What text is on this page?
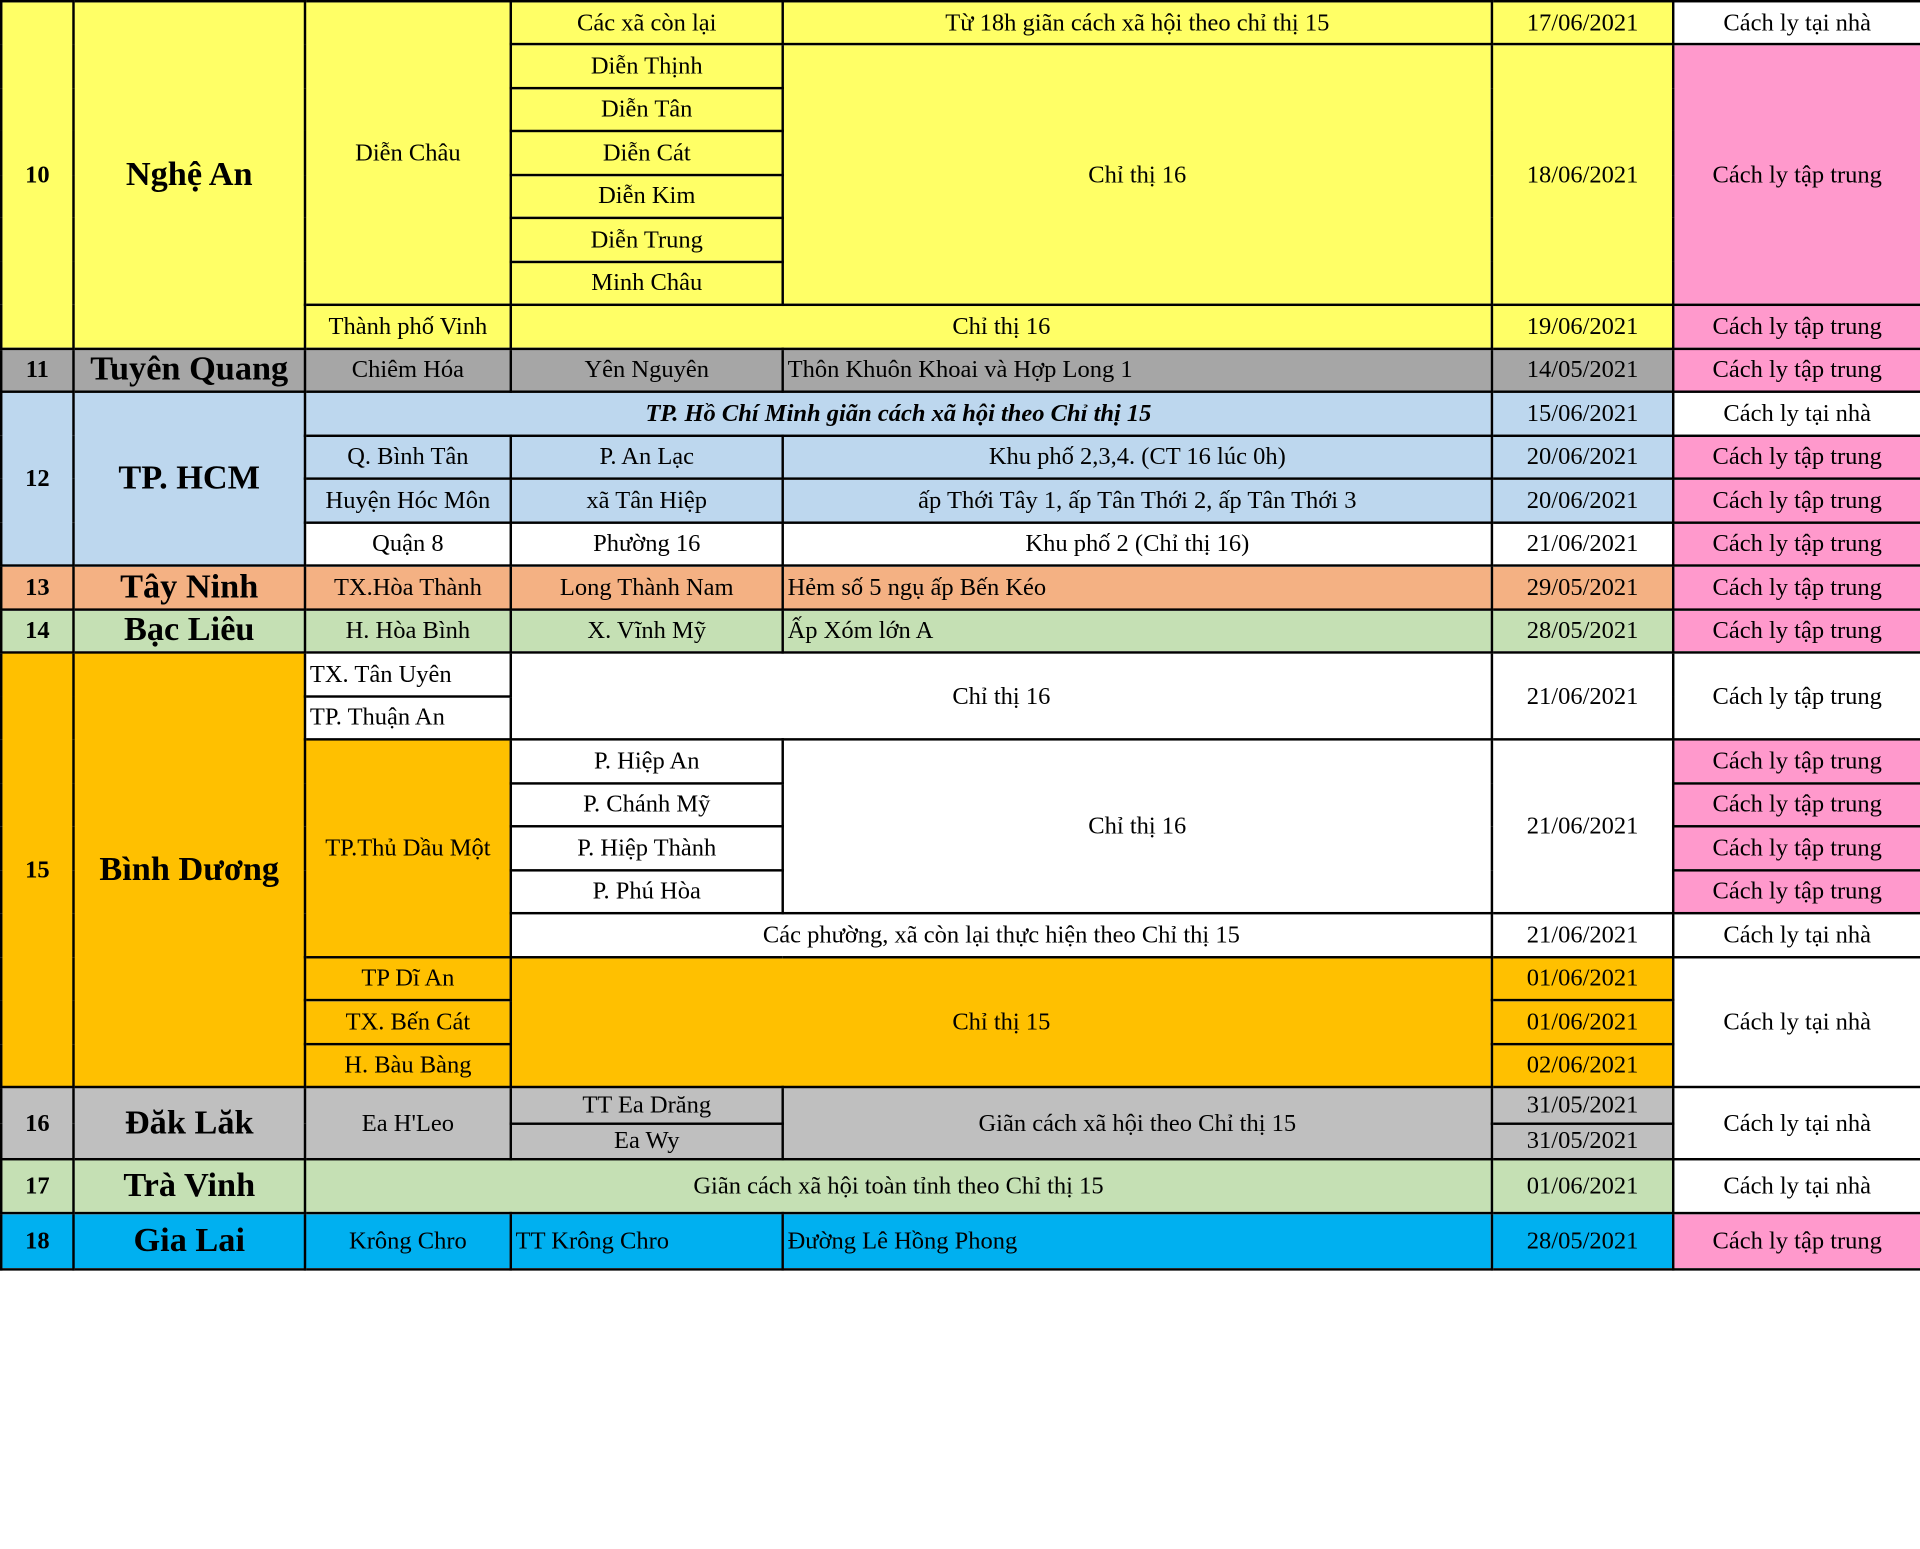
10	Nghệ An	Diễn Châu	Các xã còn lại	Từ 18h giãn cách xã hội theo chỉ thị 15	17/06/2021	Cách ly tại nhà
			Diễn Thịnh	Chỉ thị 16	18/06/2021	Cách ly tập trung
			Diễn Tân			
			Diễn Cát			
			Diễn Kim			
			Diễn Trung			
			Minh Châu			
		Thành phố Vinh	Chỉ thị 16		19/06/2021	Cách ly tập trung
11	Tuyên Quang	Chiêm Hóa	Yên Nguyên	Thôn Khuôn Khoai và Hợp Long 1	14/05/2021	Cách ly tập trung
12	TP. HCM	TP. Hồ Chí Minh giãn cách xã hội theo Chỉ thị 15			15/06/2021	Cách ly tại nhà
		Q. Bình Tân	P. An Lạc	Khu phố 2,3,4. (CT 16 lúc 0h)	20/06/2021	Cách ly tập trung
		Huyện Hóc Môn	xã Tân Hiệp	ấp Thới Tây 1, ấp Tân Thới 2, ấp Tân Thới 3	20/06/2021	Cách ly tập trung
		Quận 8	Phường 16	Khu phố 2 (Chỉ thị 16)	21/06/2021	Cách ly tập trung
13	Tây Ninh	TX.Hòa Thành	Long Thành Nam	Hẻm số 5 ngụ ấp Bến Kéo	29/05/2021	Cách ly tập trung
14	Bạc Liêu	H. Hòa Bình	X. Vĩnh Mỹ	Ấp Xóm lớn A	28/05/2021	Cách ly tập trung
15	Bình Dương	TX. Tân Uyên	Chỉ thị 16		21/06/2021	Cách ly tập trung
		TP. Thuận An				
		TP.Thủ Dầu Một	P. Hiệp An	Chỉ thị 16	21/06/2021	Cách ly tập trung
			P. Chánh Mỹ			Cách ly tập trung
			P. Hiệp Thành			Cách ly tập trung
			P. Phú Hòa			Cách ly tập trung
			Các phường, xã còn lại thực hiện theo Chỉ thị 15		21/06/2021	Cách ly tại nhà
		TP Dĩ An	Chỉ thị 15		01/06/2021	Cách ly tại nhà
		TX. Bến Cát			01/06/2021	
		H. Bàu Bàng			02/06/2021	
16	Đăk Lăk	Ea H'Leo	TT Ea Drăng	Giãn cách xã hội theo Chỉ thị 15	31/05/2021	Cách ly tại nhà
			Ea Wy		31/05/2021	
17	Trà Vinh	Giãn cách xã hội toàn tỉnh theo Chỉ thị 15			01/06/2021	Cách ly tại nhà
18	Gia Lai	Krông Chro	TT Krông Chro	Đường Lê Hồng Phong	28/05/2021	Cách ly tập trung
